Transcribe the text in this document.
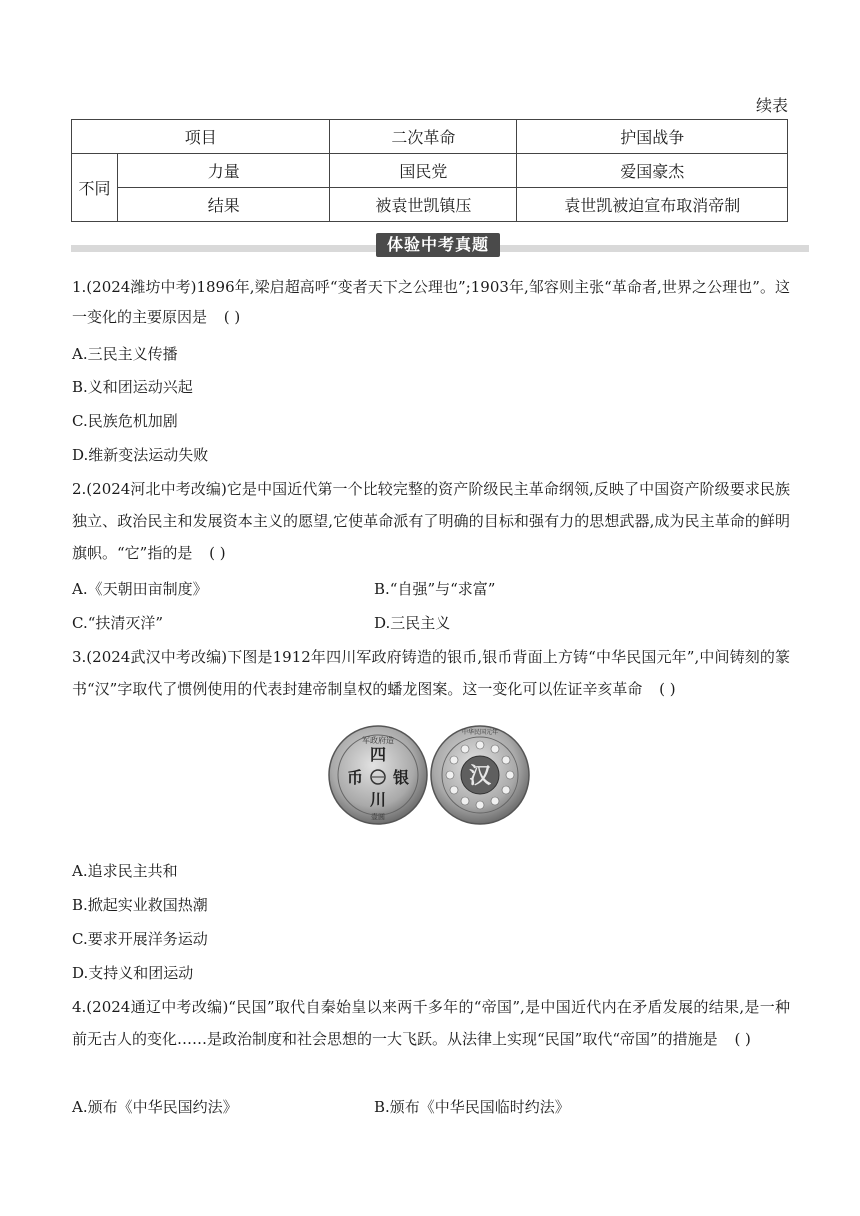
续表
项目		二次革命	护国战争
不同	力量	国民党	爱国豪杰
	结果	被袁世凯镇压	袁世凯被迫宣布取消帝制
体验中考真题
1.(2024潍坊中考)1896年,梁启超高呼“变者天下之公理也”;1903年,邹容则主张“革命者,世界之公理也”。这一变化的主要原因是 ( )
A.三民主义传播
B.义和团运动兴起
C.民族危机加剧
D.维新变法运动失败
2.(2024河北中考改编)它是中国近代第一个比较完整的资产阶级民主革命纲领,反映了中国资产阶级要求民族独立、政治民主和发展资本主义的愿望,它使革命派有了明确的目标和强有力的思想武器,成为民主革命的鲜明旗帜。“它”指的是 ( )
A.《天朝田亩制度》	B.“自强”与“求富”
C.“扶清灭洋”	D.三民主义
3.(2024武汉中考改编)下图是1912年四川军政府铸造的银币,银币背面上方铸“中华民国元年”,中间铸刻的篆书“汉”字取代了惯例使用的代表封建帝制皇权的蟠龙图案。这一变化可以佐证辛亥革命 ( )
军政府造
四
川
银
币
壹圆
汉
中华民国元年
A.追求民主共和
B.掀起实业救国热潮
C.要求开展洋务运动
D.支持义和团运动
4.(2024通辽中考改编)“民国”取代自秦始皇以来两千多年的“帝国”,是中国近代内在矛盾发展的结果,是一种前无古人的变化……是政治制度和社会思想的一大飞跃。从法律上实现“民国”取代“帝国”的措施是 ( )
A.颁布《中华民国约法》	B.颁布《中华民国临时约法》
